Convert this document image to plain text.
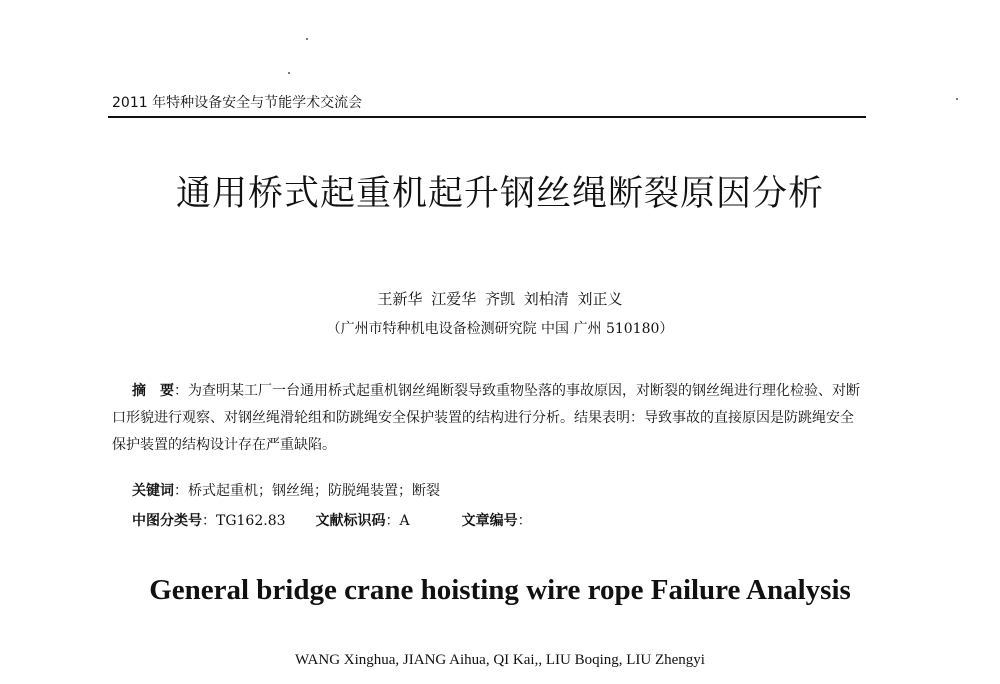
2011 年特种设备安全与节能学术交流会
通用桥式起重机起升钢丝绳断裂原因分析
王新华 江爱华 齐凯 刘柏清 刘正义
（广州市特种机电设备检测研究院 中国 广州 510180）

摘　要：为查明某工厂一台通用桥式起重机钢丝绳断裂导致重物坠落的事故原因，对断裂的钢丝绳进行理化检验、对断口形貌进行观察、对钢丝绳滑轮组和防跳绳安全保护装置的结构进行分析。结果表明：导致事故的直接原因是防跳绳安全保护装置的结构设计存在严重缺陷。

关键词：桥式起重机；钢丝绳；防脱绳装置；断裂
中图分类号：TG162.83 文献标识码：A	文章编号：
General bridge crane hoisting wire rope Failure Analysis
WANG Xinghua, JIANG Aihua, QI Kai,, LIU Boqing, LIU Zhengyi
